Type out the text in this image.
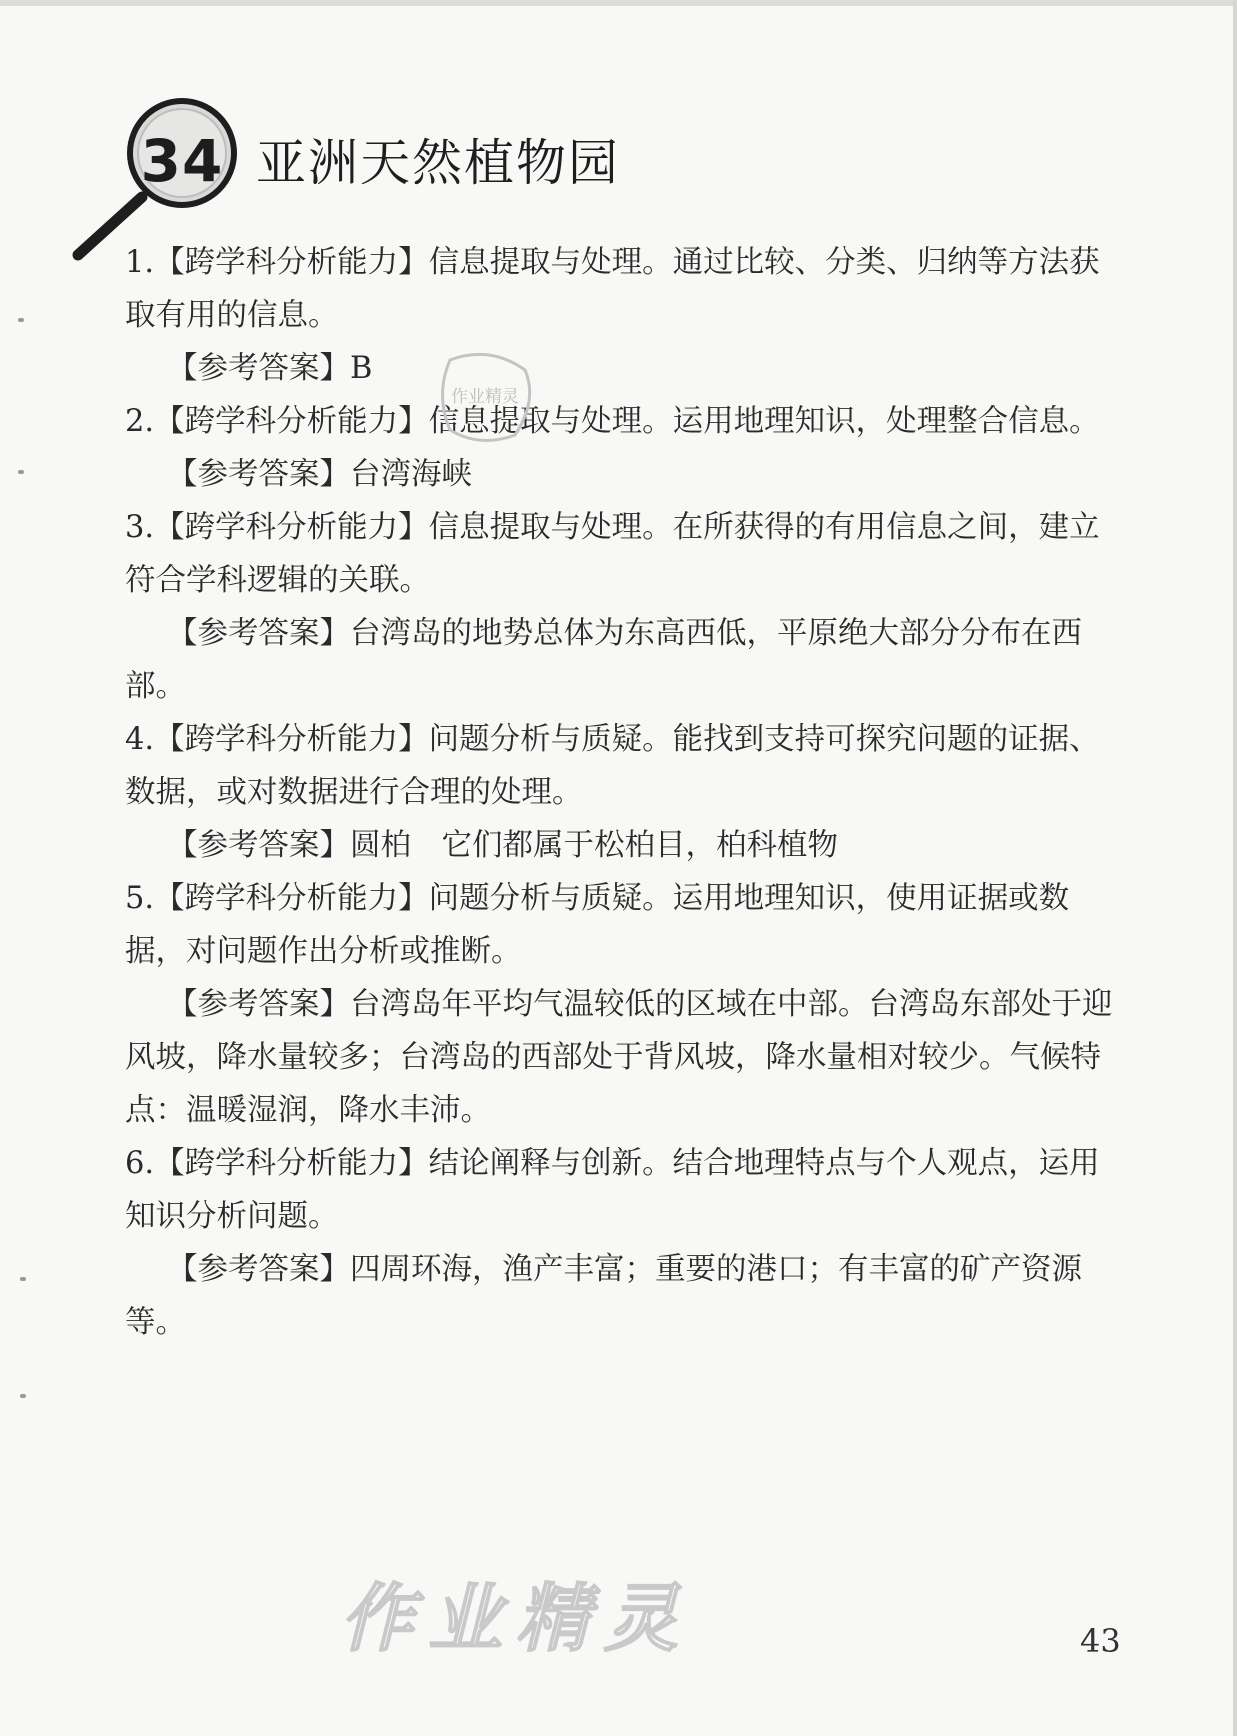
34 亚洲天然植物园

1.【跨学科分析能力】信息提取与处理。通过比较、分类、归纳等方法获取有用的信息。

【参考答案】B

2.【跨学科分析能力】信息提取与处理。运用地理知识，处理整合信息。

【参考答案】台湾海峡

3.【跨学科分析能力】信息提取与处理。在所获得的有用信息之间，建立符合学科逻辑的关联。

【参考答案】台湾岛的地势总体为东高西低，平原绝大部分分布在西部。

4.【跨学科分析能力】问题分析与质疑。能找到支持可探究问题的证据、数据，或对数据进行合理的处理。

【参考答案】圆柏　它们都属于松柏目，柏科植物

5.【跨学科分析能力】问题分析与质疑。运用地理知识，使用证据或数据，对问题作出分析或推断。

【参考答案】台湾岛年平均气温较低的区域在中部。台湾岛东部处于迎风坡，降水量较多；台湾岛的西部处于背风坡，降水量相对较少。气候特点：温暖湿润，降水丰沛。

6.【跨学科分析能力】结论阐释与创新。结合地理特点与个人观点，运用知识分析问题。

【参考答案】四周环海，渔产丰富；重要的港口；有丰富的矿产资源等。

作业精灵
作业精灵	43
